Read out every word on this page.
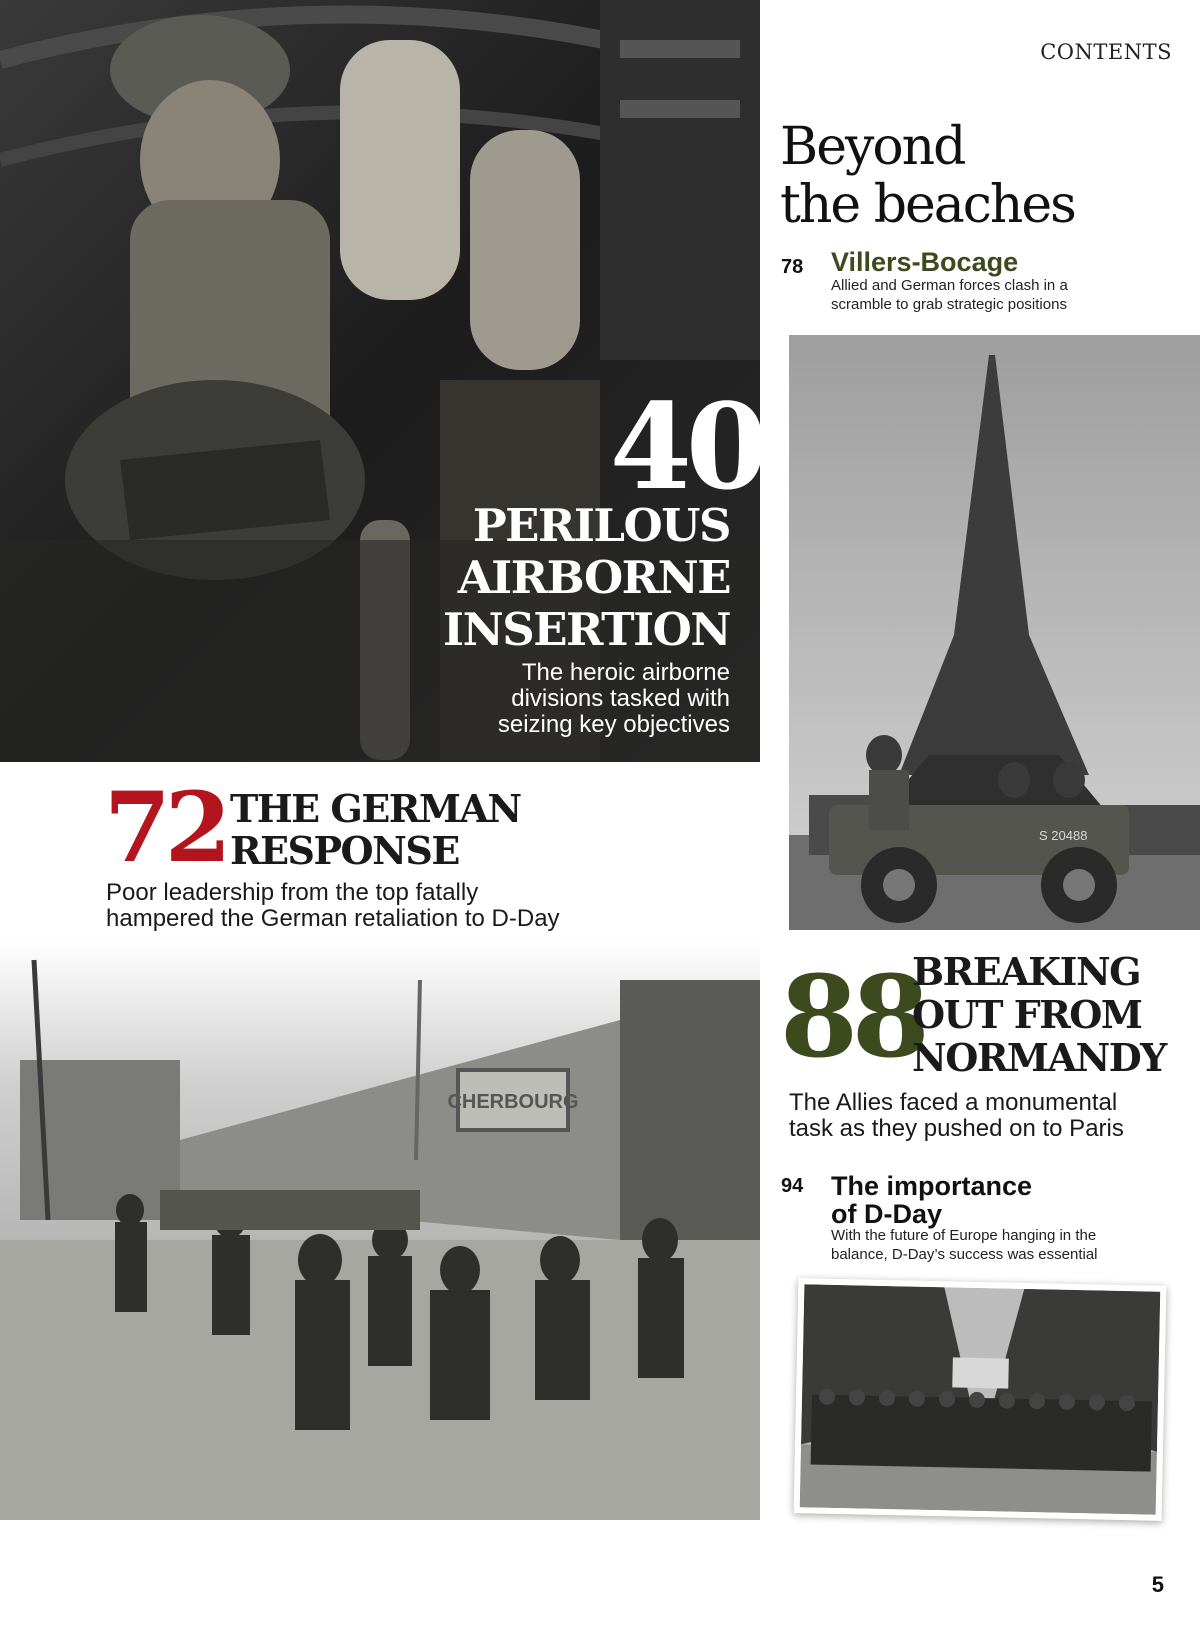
40
PERILOUS
AIRBORNE
INSERTION
The heroic airborne
divisions tasked with
seizing key objectives
CONTENTS
Beyond
the beaches
78 Villers-Bocage
Allied and German forces clash in a
scramble to grab strategic positions
S 20488
72 THE GERMAN
RESPONSE
Poor leadership from the top fatally
hampered the German retaliation to D-Day
CHERBOURG
88
BREAKING
OUT FROM
NORMANDY
The Allies faced a monumental
task as they pushed on to Paris
94 The importance
of D-Day
With the future of Europe hanging in the
balance, D-Day’s success was essential
5
